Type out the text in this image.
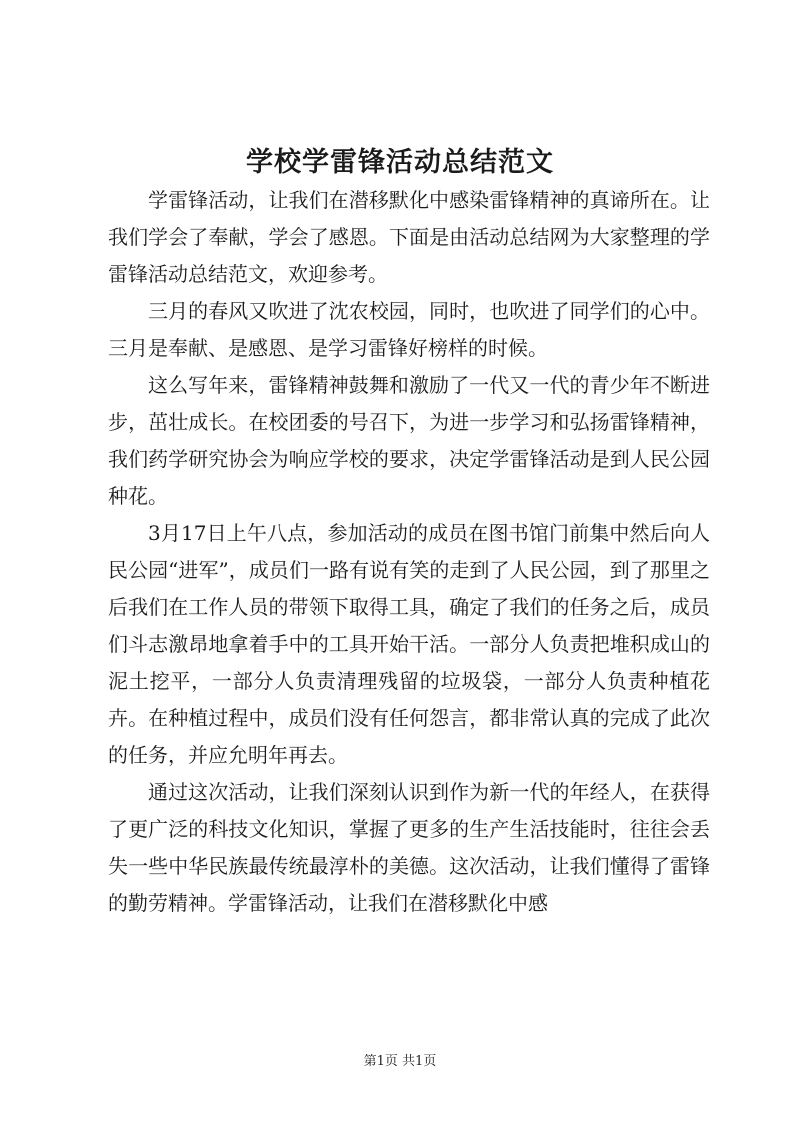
学校学雷锋活动总结范文

学雷锋活动，让我们在潜移默化中感染雷锋精神的真谛所在。让我们学会了奉献，学会了感恩。下面是由活动总结网为大家整理的学雷锋活动总结范文，欢迎参考。

三月的春风又吹进了沈农校园，同时，也吹进了同学们的心中。三月是奉献、是感恩、是学习雷锋好榜样的时候。

这么写年来，雷锋精神鼓舞和激励了一代又一代的青少年不断进步，茁壮成长。在校团委的号召下，为进一步学习和弘扬雷锋精神，我们药学研究协会为响应学校的要求，决定学雷锋活动是到人民公园种花。

3月17日上午八点，参加活动的成员在图书馆门前集中然后向人民公园“进军”，成员们一路有说有笑的走到了人民公园，到了那里之后我们在工作人员的带领下取得工具，确定了我们的任务之后，成员们斗志激昂地拿着手中的工具开始干活。一部分人负责把堆积成山的泥土挖平，一部分人负责清理残留的垃圾袋，一部分人负责种植花卉。在种植过程中，成员们没有任何怨言，都非常认真的完成了此次的任务，并应允明年再去。

通过这次活动，让我们深刻认识到作为新一代的年经人，在获得了更广泛的科技文化知识，掌握了更多的生产生活技能时，往往会丢失一些中华民族最传统最淳朴的美德。这次活动，让我们懂得了雷锋的勤劳精神。学雷锋活动，让我们在潜移默化中感

第1页 共1页
